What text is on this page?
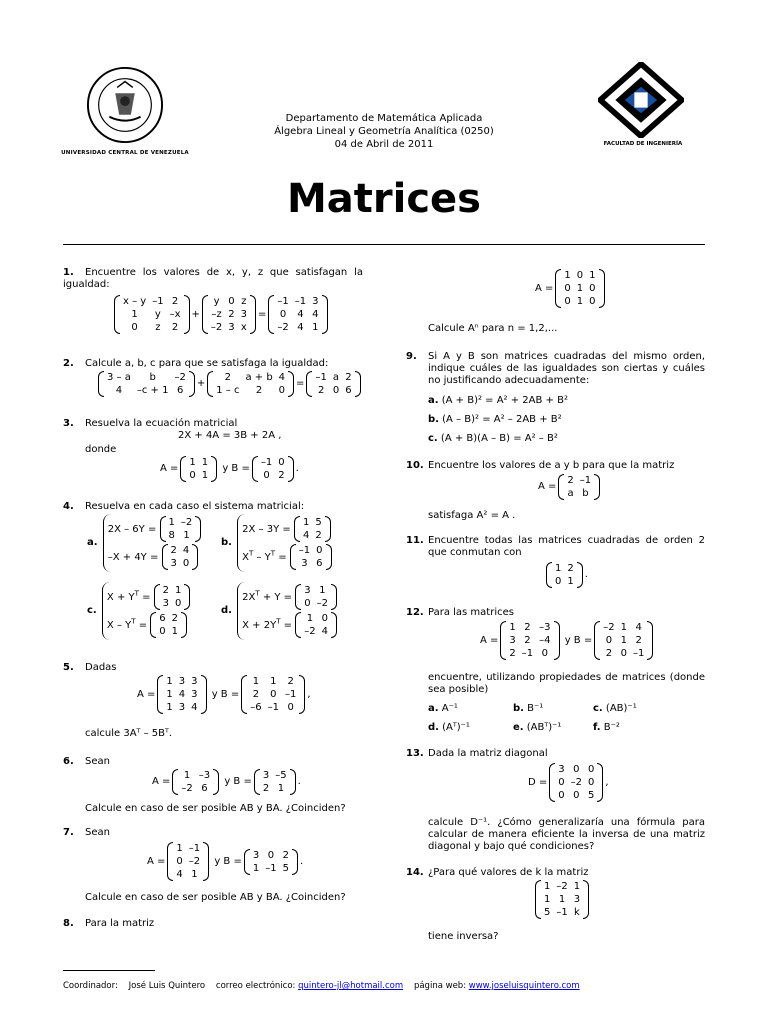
UNIVERSIDAD CENTRAL DE VENEZUELA
FACULTAD DE INGENIERÍA
Departamento de Matemática Aplicada
Álgebra Lineal y Geometría Analítica (0250)
04 de Abril de 2011
Matrices
1. Encuentre los valores de x, y, z que satisfagan la igualdad:
x – y	–1	2
1	y	–x
0	z	2
+
y	0	z
–z	2	3
–2	3	x
=
–1	–1	3
0	4	4
–2	4	1
2. Calcule a, b, c para que se satisfaga la igualdad:
3 – a	b	–2
4	–c + 1	6
+
2	a + b	4
1 – c	2	0
=
–1	a	2
2	0	6
3. Resuelva la ecuación matricial
2X + 4A = 3B + 2A ,
donde
A =
1	1
0	1
y B =
–1	0
0	2
.
4. Resuelva en cada caso el sistema matricial:
a.
2X – 6Y =
1	–2
8	1
–X + 4Y =
2	4
3	0
b.
2X – 3Y =
1	5
4	2
$X^T - Y^T$ =
–1	0
3	6
c.
$X + Y^T$ =
2	1
3	0
X – $Y^T$ =
6	2
0	1
d.
$2X^T + Y$ =
3	1
0	–2
$X + 2Y^T$ =
1	0
–2	4
5. Dadas
A =
1	3	3
1	4	3
1	3	4
y B =
1	1	2
2	0	–1
–6	–1	0
,
calcule 3Aᵀ – 5Bᵀ.
6. Sean
A =
1	–3
–2	6
y B =
3	–5
2	1
.
Calcule en caso de ser posible AB y BA. ¿Coinciden?
7. Sean
A =
1	–1
0	–2
4	1
y B =
3	0	2
1	–1	5
.
Calcule en caso de ser posible AB y BA. ¿Coinciden?
8. Para la matriz
A =
1	0	1
0	1	0
0	1	0
Calcule Aⁿ para n = 1,2,...
9. Si A y B son matrices cuadradas del mismo orden, indique cuáles de las igualdades son ciertas y cuáles no justificando adecuadamente:
a. (A + B)² = A² + 2AB + B²
b. (A – B)² = A² – 2AB + B²
c. (A + B)(A – B) = A² – B²
10. Encuentre los valores de a y b para que la matriz
A =
2	–1
a	b
satisfaga A² = A .
11. Encuentre todas las matrices cuadradas de orden 2 que conmutan con
1	2
0	1
.
12. Para las matrices
A =
1	2	–3
3	2	–4
2	–1	0
y B =
–2	1	4
0	1	2
2	0	–1
encuentre, utilizando propiedades de matrices (donde sea posible)
a. A⁻¹	b. B⁻¹	c. (AB)⁻¹
d. (Aᵀ)⁻¹	e. (ABᵀ)⁻¹	f. B⁻²
13. Dada la matriz diagonal
D =
3	0	0
0	–2	0
0	0	5
,
calcule D⁻¹. ¿Cómo generalizaría una fórmula para calcular de manera eficiente la inversa de una matriz diagonal y bajo qué condiciones?
14. ¿Para qué valores de k la matriz
1	–2	1
1	1	3
5	–1	k
tiene inversa?
Coordinador: José Luis Quintero correo electrónico: quintero-jl@hotmail.com página web: www.joseluisquintero.com
